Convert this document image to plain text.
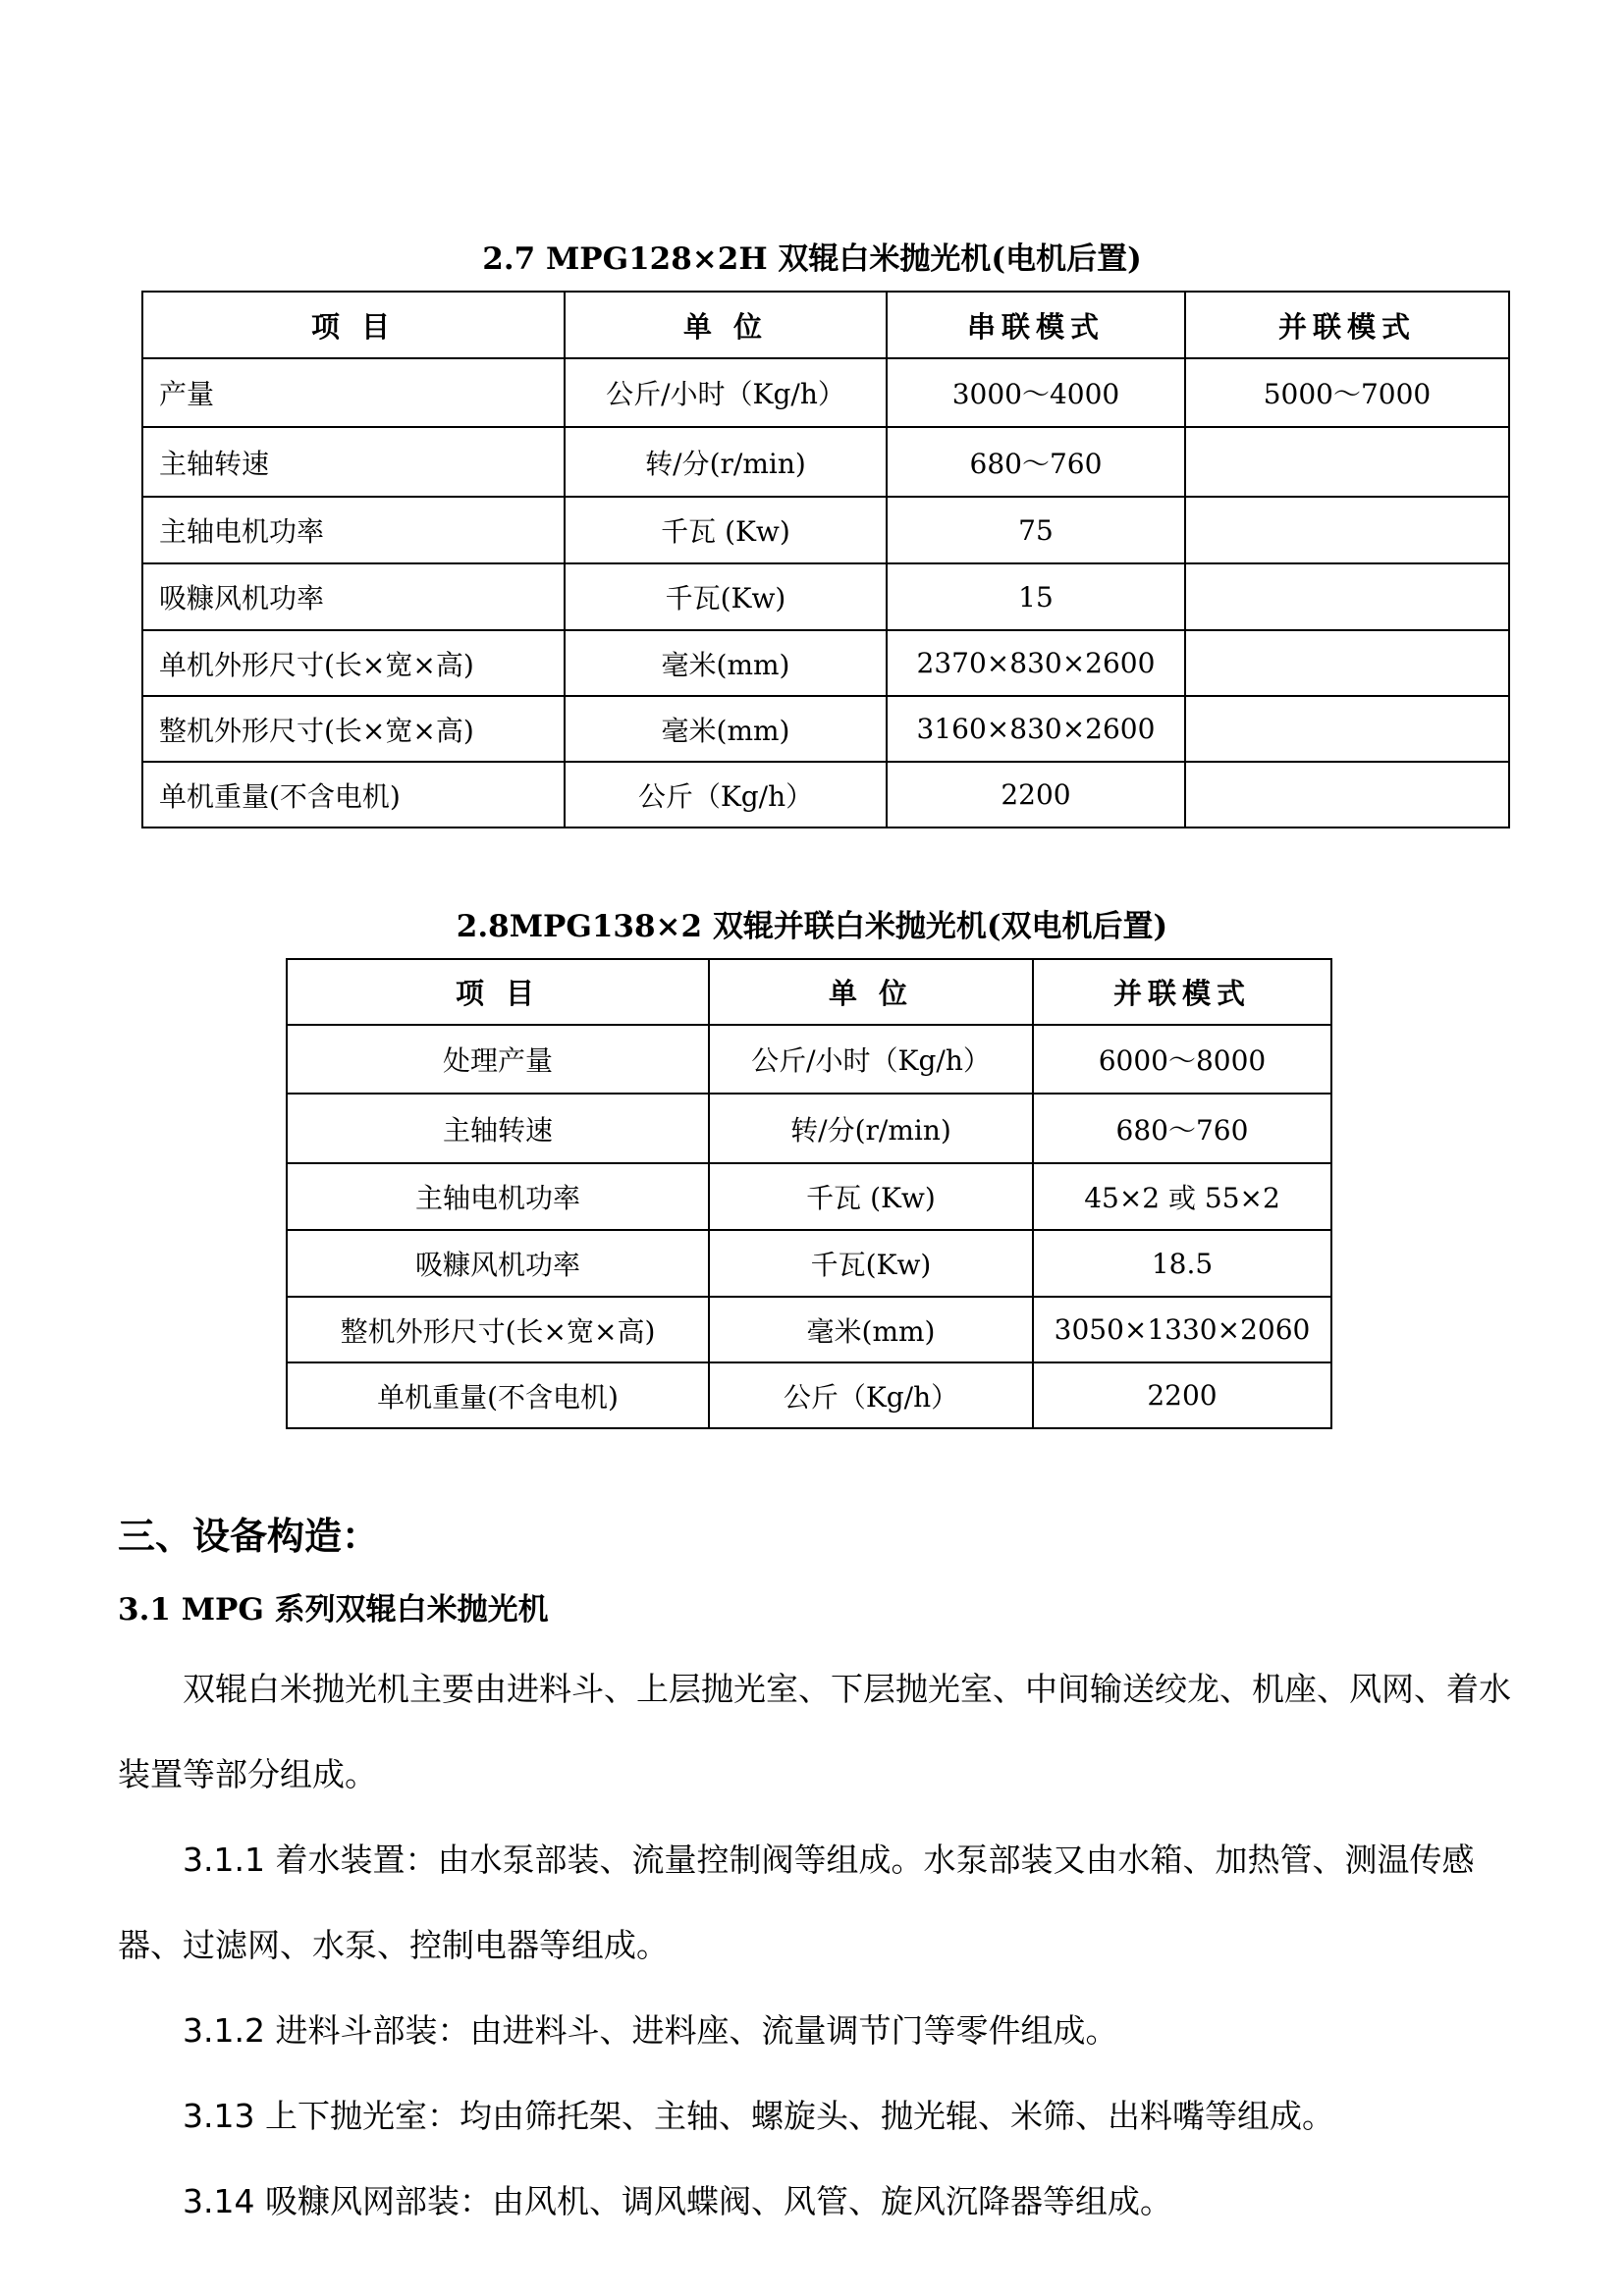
2.7 MPG128×2H 双辊白米抛光机(电机后置)
项 目	单 位	串联模式	并联模式
产量	公斤/小时（Kg/h）	3000～4000	5000～7000
主轴转速	转/分(r/min)	680～760	
主轴电机功率	千瓦 (Kw)	75	
吸糠风机功率	千瓦(Kw)	15	
单机外形尺寸(长×宽×高)	毫米(mm)	2370×830×2600	
整机外形尺寸(长×宽×高)	毫米(mm)	3160×830×2600	
单机重量(不含电机)	公斤（Kg/h）	2200	
2.8MPG138×2 双辊并联白米抛光机(双电机后置)
项 目	单 位	并联模式
处理产量	公斤/小时（Kg/h）	6000～8000
主轴转速	转/分(r/min)	680～760
主轴电机功率	千瓦 (Kw)	45×2 或 55×2
吸糠风机功率	千瓦(Kw)	18.5
整机外形尺寸(长×宽×高)	毫米(mm)	3050×1330×2060
单机重量(不含电机)	公斤（Kg/h）	2200
三、设备构造：
3.1 MPG 系列双辊白米抛光机
双辊白米抛光机主要由进料斗、上层抛光室、下层抛光室、中间输送绞龙、机座、风网、着水装置等部分组成。
3.1.1 着水装置：由水泵部装、流量控制阀等组成。水泵部装又由水箱、加热管、测温传感器、过滤网、水泵、控制电器等组成。
3.1.2 进料斗部装：由进料斗、进料座、流量调节门等零件组成。
3.13 上下抛光室：均由筛托架、主轴、螺旋头、抛光辊、米筛、出料嘴等组成。
3.14 吸糠风网部装：由风机、调风蝶阀、风管、旋风沉降器等组成。
